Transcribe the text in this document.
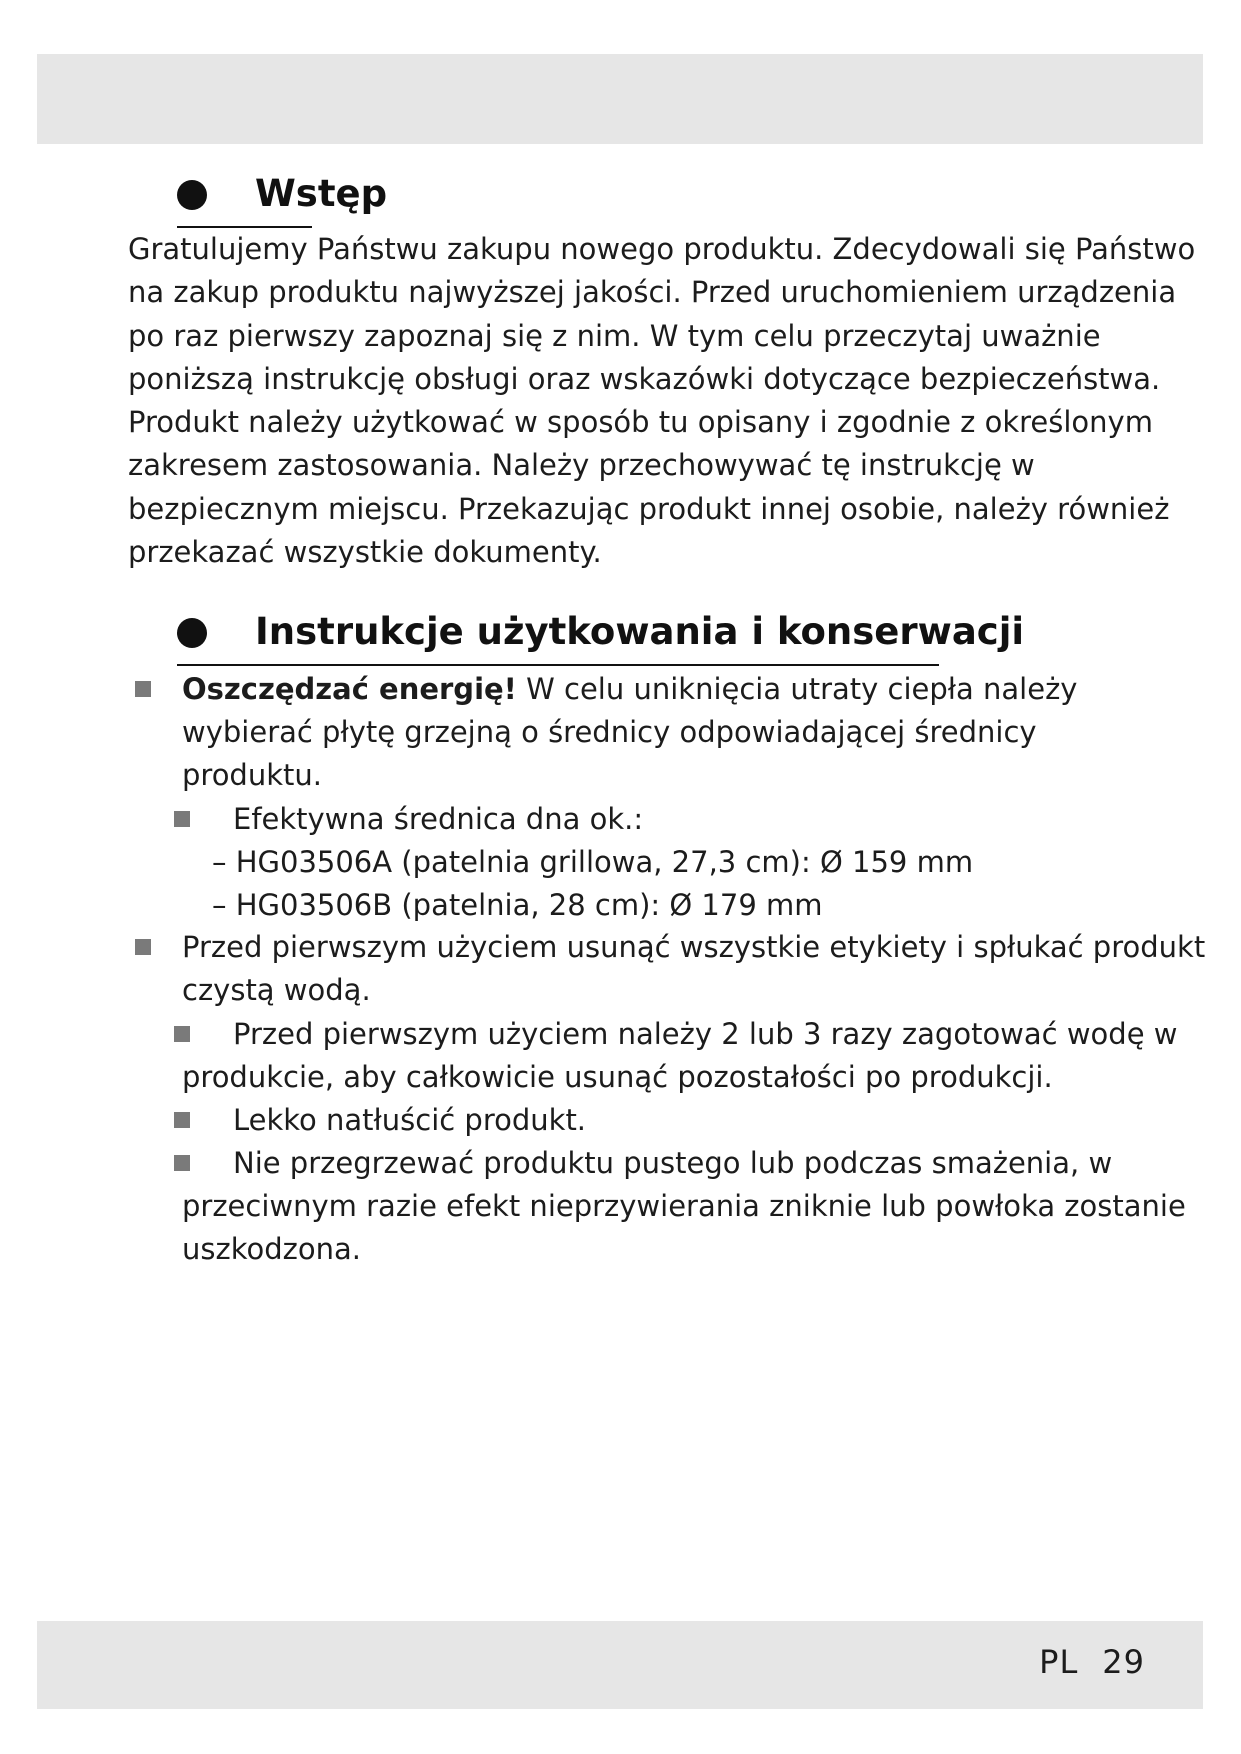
Wstęp
Gratulujemy Państwu zakupu nowego produktu. Zdecydowali się Państwo
na zakup produktu najwyższej jakości. Przed uruchomieniem urządzenia
po raz pierwszy zapoznaj się z nim. W tym celu przeczytaj uważnie
poniższą instrukcję obsługi oraz wskazówki dotyczące bezpieczeństwa.
Produkt należy użytkować w sposób tu opisany i zgodnie z określonym
zakresem zastosowania. Należy przechowywać tę instrukcję w
bezpiecznym miejscu. Przekazując produkt innej osobie, należy również
przekazać wszystkie dokumenty.
Instrukcje użytkowania i konserwacji
Oszczędzać energię! W celu uniknięcia utraty ciepła należy
wybierać płytę grzejną o średnicy odpowiadającej średnicy
produktu.
Efektywna średnica dna ok.:
– HG03506A (patelnia grillowa, 27,3 cm): Ø 159 mm
– HG03506B (patelnia, 28 cm): Ø 179 mm
Przed pierwszym użyciem usunąć wszystkie etykiety i spłukać produkt
czystą wodą.
Przed pierwszym użyciem należy 2 lub 3 razy zagotować wodę w
produkcie, aby całkowicie usunąć pozostałości po produkcji.
Lekko natłuścić produkt.
Nie przegrzewać produktu pustego lub podczas smażenia, w
przeciwnym razie efekt nieprzywierania zniknie lub powłoka zostanie
uszkodzona.
PL 29
